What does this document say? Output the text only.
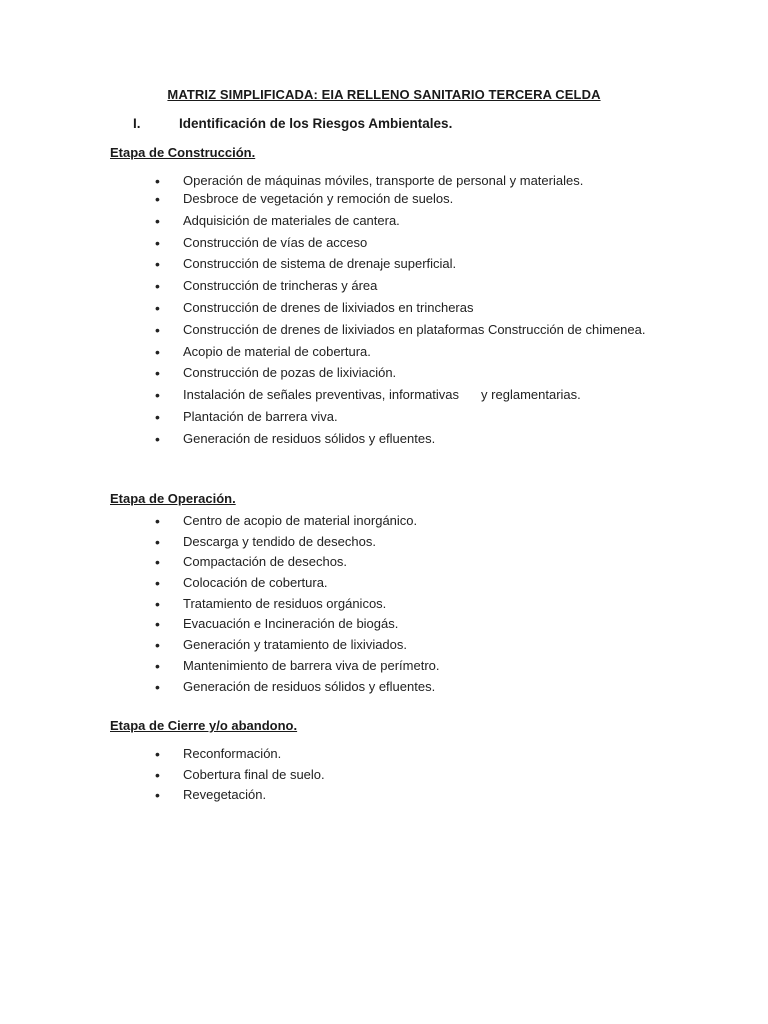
MATRIZ SIMPLIFICADA: EIA RELLENO SANITARIO TERCERA CELDA
I.	Identificación de los Riesgos Ambientales.
Etapa de Construcción.
• Operación de máquinas móviles, transporte de personal y materiales.
• Desbroce de vegetación y remoción de suelos.
• Adquisición de materiales de cantera.
• Construcción de vías de acceso
• Construcción de sistema de drenaje superficial.
• Construcción de trincheras y área
• Construcción de drenes de lixiviados en trincheras
• Construcción de drenes de lixiviados en plataformas Construcción de chimenea.
• Acopio de material de cobertura.
• Construcción de pozas de lixiviación.
• Instalación de señales preventivas, informativas y reglamentarias.
• Plantación de barrera viva.
• Generación de residuos sólidos y efluentes.
Etapa de Operación.
• Centro de acopio de material inorgánico.
• Descarga y tendido de desechos.
• Compactación de desechos.
• Colocación de cobertura.
• Tratamiento de residuos orgánicos.
• Evacuación e Incineración de biogás.
• Generación y tratamiento de lixiviados.
• Mantenimiento de barrera viva de perímetro.
• Generación de residuos sólidos y efluentes.
Etapa de Cierre y/o abandono.
• Reconformación.
• Cobertura final de suelo.
• Revegetación.
